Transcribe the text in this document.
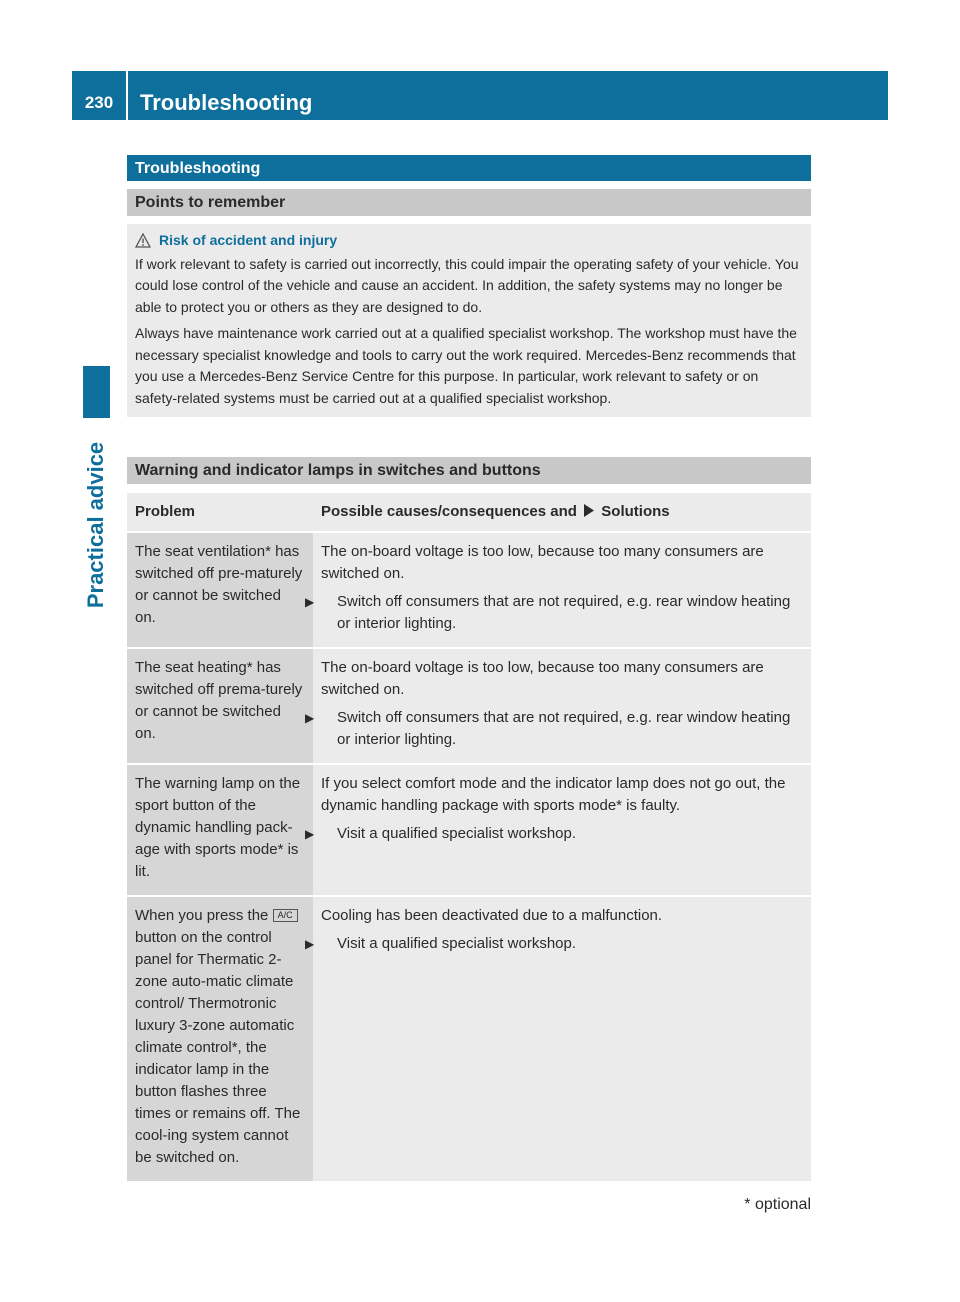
230	Troubleshooting
Practical advice
Troubleshooting
Points to remember
Risk of accident and injury

If work relevant to safety is carried out incorrectly, this could impair the operating safety of your vehicle. You could lose control of the vehicle and cause an accident. In addition, the safety systems may no longer be able to protect you or others as they are designed to do.

Always have maintenance work carried out at a qualified specialist workshop. The workshop must have the necessary specialist knowledge and tools to carry out the work required. Mercedes-Benz recommends that you use a Mercedes-Benz Service Centre for this purpose. In particular, work relevant to safety or on safety-related systems must be carried out at a qualified specialist workshop.

Warning and indicator lamps in switches and buttons
Problem	Possible causes/consequences and Solutions
The seat ventilation* has switched off pre-maturely or cannot be switched on.	The on-board voltage is too low, because too many consumers are switched on.

▶ Switch off consumers that are not required, e.g. rear window heating or interior lighting.

The seat heating* has switched off prema-turely or cannot be switched on.	The on-board voltage is too low, because too many consumers are switched on.

▶ Switch off consumers that are not required, e.g. rear window heating or interior lighting.

The warning lamp on the sport button of the dynamic handling pack-age with sports mode* is lit.	If you select comfort mode and the indicator lamp does not go out, the dynamic handling package with sports mode* is faulty.

▶ Visit a qualified specialist workshop.

When you press the A/Cbutton on the control panel for Thermatic 2-zone auto-matic climate control/ Thermotronic luxury 3-zone automatic climate control*, the indicator lamp in the button flashes three times or remains off. The cool-ing system cannot be switched on.	Cooling has been deactivated due to a malfunction.

▶ Visit a qualified specialist workshop.

* optional
